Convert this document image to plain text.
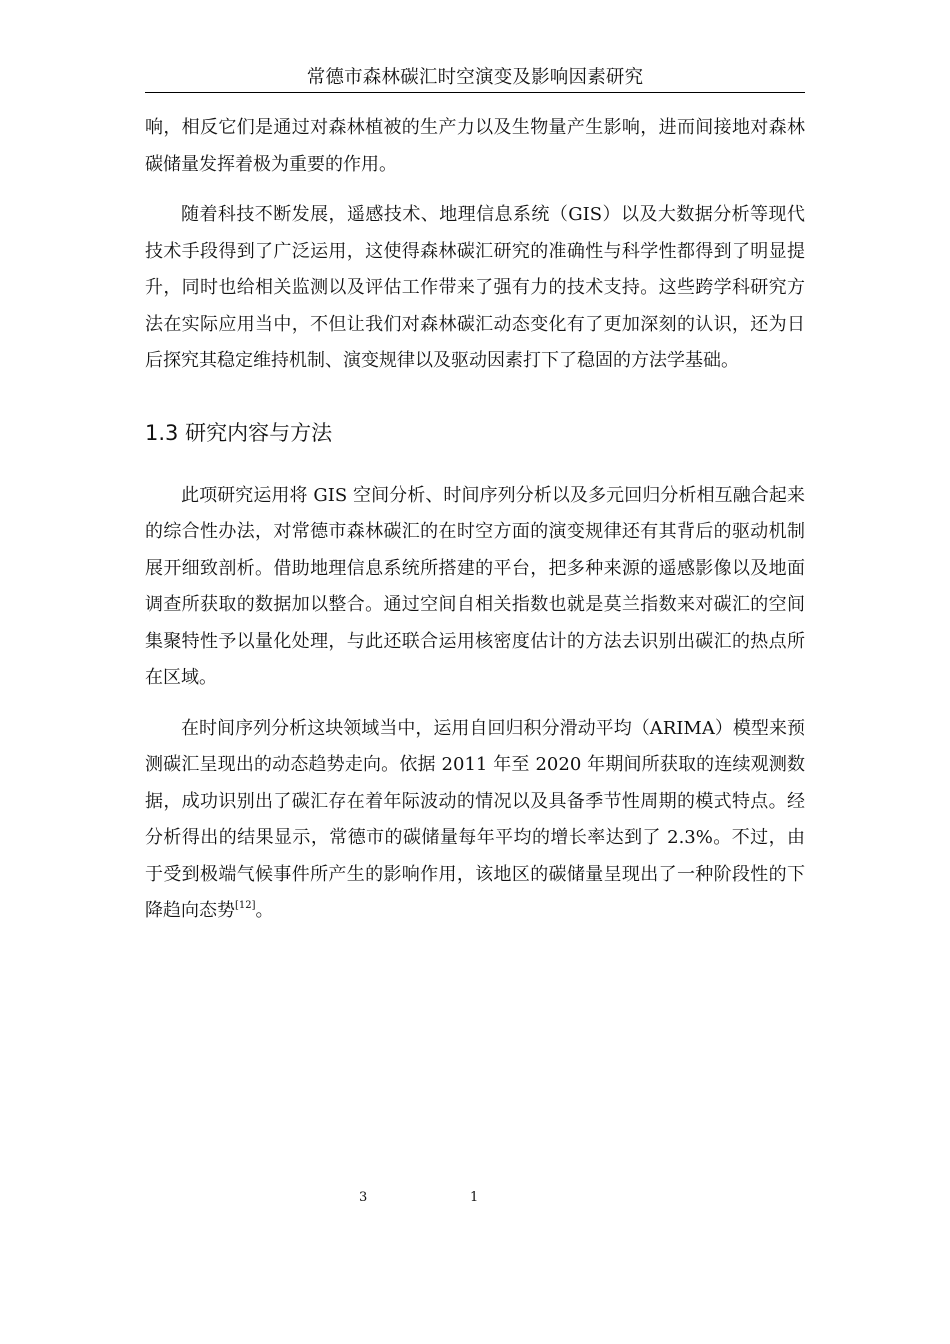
常德市森林碳汇时空演变及影响因素研究

响，相反它们是通过对森林植被的生产力以及生物量产生影响，进而间接地对森林碳储量发挥着极为重要的作用。

随着科技不断发展，遥感技术、地理信息系统（GIS）以及大数据分析等现代技术手段得到了广泛运用，这使得森林碳汇研究的准确性与科学性都得到了明显提升，同时也给相关监测以及评估工作带来了强有力的技术支持。这些跨学科研究方法在实际应用当中，不但让我们对森林碳汇动态变化有了更加深刻的认识，还为日后探究其稳定维持机制、演变规律以及驱动因素打下了稳固的方法学基础。

1.3 研究内容与方法

此项研究运用将 GIS 空间分析、时间序列分析以及多元回归分析相互融合起来的综合性办法，对常德市森林碳汇的在时空方面的演变规律还有其背后的驱动机制展开细致剖析。借助地理信息系统所搭建的平台，把多种来源的遥感影像以及地面调查所获取的数据加以整合。通过空间自相关指数也就是莫兰指数来对碳汇的空间集聚特性予以量化处理，与此还联合运用核密度估计的方法去识别出碳汇的热点所在区域。

在时间序列分析这块领域当中，运用自回归积分滑动平均（ARIMA）模型来预测碳汇呈现出的动态趋势走向。依据 2011 年至 2020 年期间所获取的连续观测数据，成功识别出了碳汇存在着年际波动的情况以及具备季节性周期的模式特点。经分析得出的结果显示，常德市的碳储量每年平均的增长率达到了 2.3%。不过，由于受到极端气候事件所产生的影响作用，该地区的碳储量呈现出了一种阶段性的下降趋向态势[12]。

3	1
